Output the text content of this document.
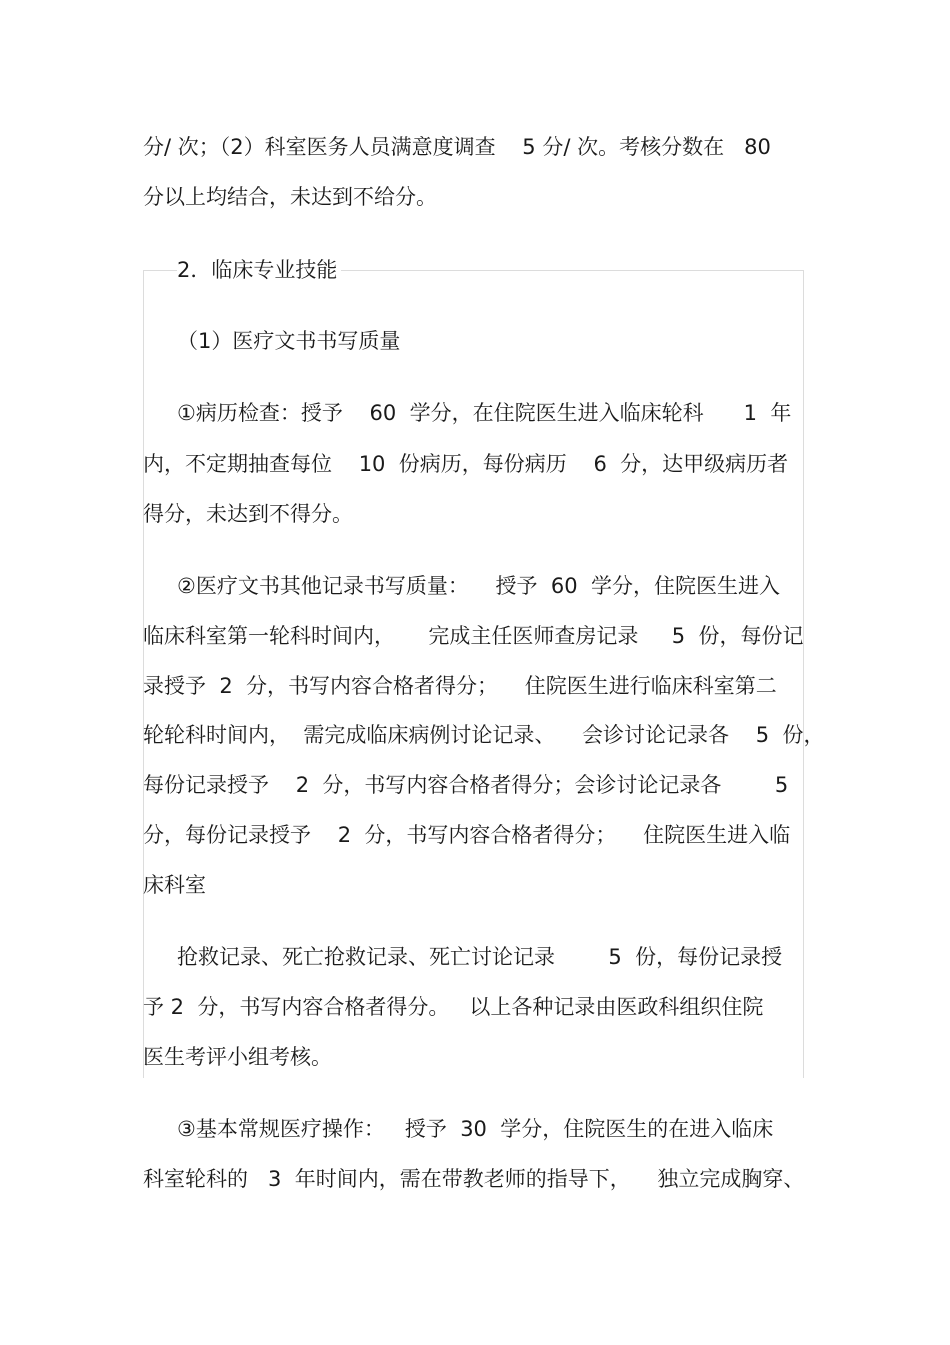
分/ 次；（2）科室医务人员满意度调查    5 分/ 次。考核分数在   80
分以上均结合，未达到不给分。
2．临床专业技能
（1）医疗文书书写质量
①病历检查：授予    60  学分，在住院医生进入临床轮科      1  年
内，不定期抽查每位    10  份病历，每份病历    6  分，达甲级病历者
得分，未达到不得分。
②医疗文书其他记录书写质量：    授予  60  学分，住院医生进入
临床科室第一轮科时间内，     完成主任医师查房记录     5  份，每份记
录授予  2  分，书写内容合格者得分；    住院医生进行临床科室第二
轮轮科时间内，  需完成临床病例讨论记录、    会诊讨论记录各    5  份，
每份记录授予    2  分，书写内容合格者得分；会诊讨论记录各        5
分，每份记录授予    2  分，书写内容合格者得分；    住院医生进入临
床科室
抢救记录、死亡抢救记录、死亡讨论记录        5  份，每份记录授
予 2  分，书写内容合格者得分。   以上各种记录由医政科组织住院
医生考评小组考核。
③基本常规医疗操作：   授予  30  学分，住院医生的在进入临床
科室轮科的   3  年时间内，需在带教老师的指导下，    独立完成胸穿、
